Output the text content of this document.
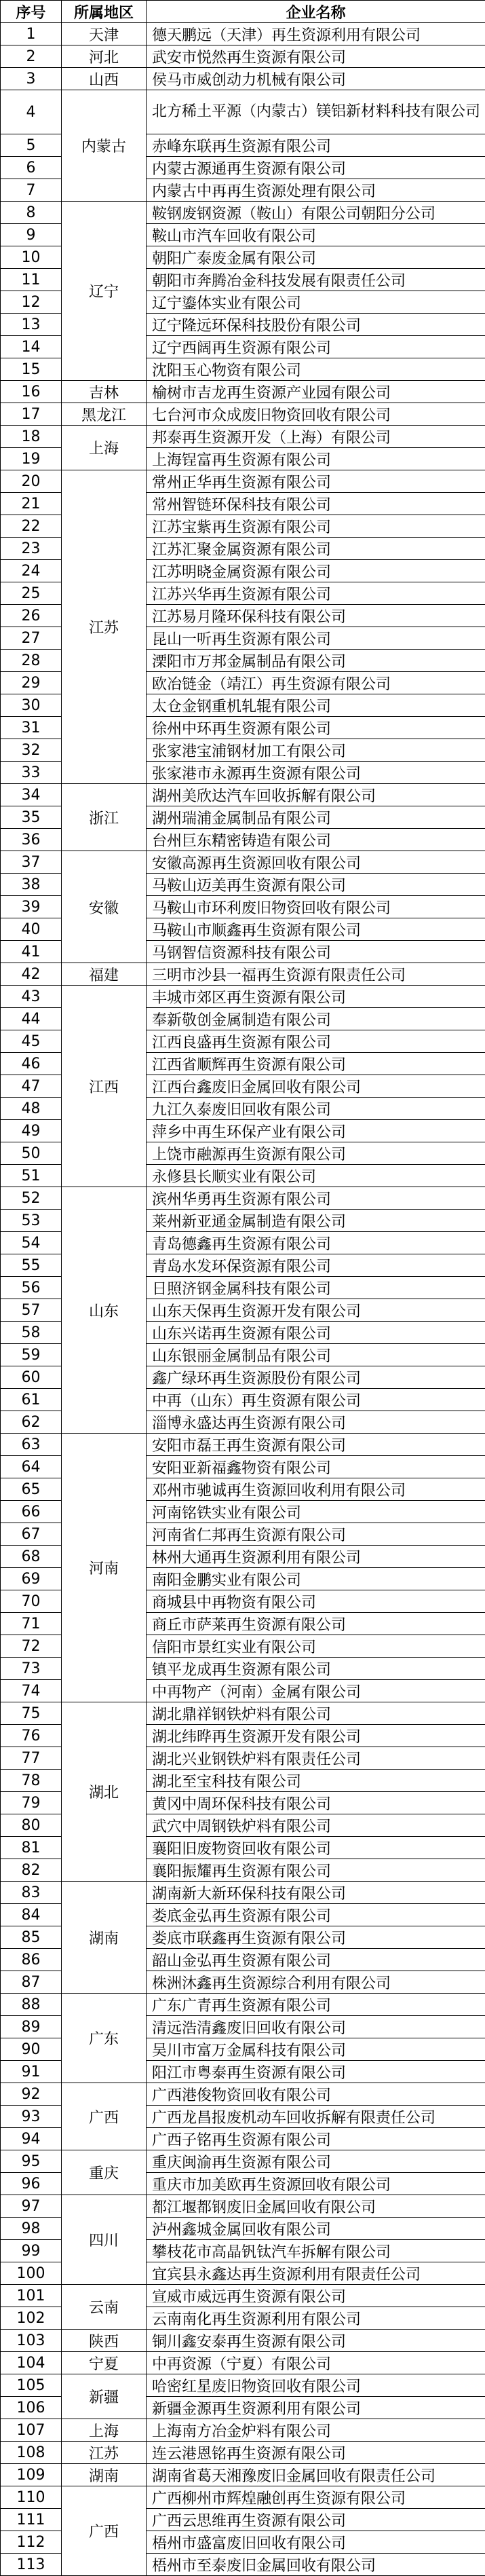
序号	所属地区	企业名称
1	天津	德天鹏远（天津）再生资源利用有限公司
2	河北	武安市悦然再生资源有限公司
3	山西	侯马市威创动力机械有限公司
4	内蒙古	北方稀土平源（内蒙古）镁铝新材料科技有限公司
5		赤峰东联再生资源有限公司
6		内蒙古源通再生资源有限公司
7		内蒙古中再再生资源处理有限公司
8	辽宁	鞍钢废钢资源（鞍山）有限公司朝阳分公司
9		鞍山市汽车回收有限公司
10		朝阳广泰废金属有限公司
11		朝阳市奔腾冶金科技发展有限责任公司
12		辽宁鎏体实业有限公司
13		辽宁隆远环保科技股份有限公司
14		辽宁西阔再生资源有限公司
15		沈阳玉心物资有限公司
16	吉林	榆树市吉龙再生资源产业园有限公司
17	黑龙江	七台河市众成废旧物资回收有限公司
18	上海	邦泰再生资源开发（上海）有限公司
19		上海锃富再生资源有限公司
20	江苏	常州正华再生资源有限公司
21		常州智链环保科技有限公司
22		江苏宝紫再生资源有限公司
23		江苏汇聚金属资源有限公司
24		江苏明晓金属资源有限公司
25		江苏兴华再生资源有限公司
26		江苏易月隆环保科技有限公司
27		昆山一听再生资源有限公司
28		溧阳市万邦金属制品有限公司
29		欧冶链金（靖江）再生资源有限公司
30		太仓金钢重机轧辊有限公司
31		徐州中环再生资源有限公司
32		张家港宝浦钢材加工有限公司
33		张家港市永源再生资源有限公司
34	浙江	湖州美欣达汽车回收拆解有限公司
35		湖州瑞浦金属制品有限公司
36		台州巨东精密铸造有限公司
37	安徽	安徽高源再生资源回收有限公司
38		马鞍山迈美再生资源有限公司
39		马鞍山市环利废旧物资回收有限公司
40		马鞍山市顺鑫再生资源有限公司
41		马钢智信资源科技有限公司
42	福建	三明市沙县一福再生资源有限责任公司
43	江西	丰城市郊区再生资源有限公司
44		奉新敬创金属制造有限公司
45		江西良盛再生资源有限公司
46		江西省顺辉再生资源有限公司
47		江西台鑫废旧金属回收有限公司
48		九江久泰废旧回收有限公司
49		萍乡中再生环保产业有限公司
50		上饶市融源再生资源有限公司
51		永修县长顺实业有限公司
52	山东	滨州华勇再生资源有限公司
53		莱州新亚通金属制造有限公司
54		青岛德鑫再生资源有限公司
55		青岛水发环保资源有限公司
56		日照济钢金属科技有限公司
57		山东天保再生资源开发有限公司
58		山东兴诺再生资源有限公司
59		山东银丽金属制品有限公司
60		鑫广绿环再生资源股份有限公司
61		中再（山东）再生资源有限公司
62		淄博永盛达再生资源有限公司
63	河南	安阳市磊王再生资源有限公司
64		安阳亚新福鑫物资有限公司
65		邓州市驰诚再生资源回收利用有限公司
66		河南铭铁实业有限公司
67		河南省仁邦再生资源有限公司
68		林州大通再生资源利用有限公司
69		南阳金鹏实业有限公司
70		商城县中再物资有限公司
71		商丘市萨莱再生资源有限公司
72		信阳市景红实业有限公司
73		镇平龙成再生资源有限公司
74		中再物产（河南）金属有限公司
75	湖北	湖北鼎祥钢铁炉料有限公司
76		湖北纬晔再生资源开发有限公司
77		湖北兴业钢铁炉料有限责任公司
78		湖北至宝科技有限公司
79		黄冈中周环保科技有限公司
80		武穴中周钢铁炉料有限公司
81		襄阳旧废物资回收有限公司
82		襄阳振耀再生资源有限公司
83	湖南	湖南新大新环保科技有限公司
84		娄底金弘再生资源有限公司
85		娄底市联鑫再生资源有限公司
86		韶山金弘再生资源有限公司
87		株洲沐鑫再生资源综合利用有限公司
88	广东	广东广青再生资源有限公司
89		清远浩清鑫废旧回收有限公司
90		吴川市富万金属科技有限公司
91		阳江市粤泰再生资源有限公司
92	广西	广西港俊物资回收有限公司
93		广西龙昌报废机动车回收拆解有限责任公司
94		广西子铭再生资源有限公司
95	重庆	重庆闽渝再生资源有限公司
96		重庆市加美欧再生资源回收有限公司
97	四川	都江堰都钢废旧金属回收有限公司
98		泸州鑫城金属回收有限公司
99		攀枝花市高晶钒钛汽车拆解有限公司
100		宜宾县永鑫达再生资源利用有限责任公司
101	云南	宣威市威远再生资源有限公司
102		云南南化再生资源利用有限公司
103	陕西	铜川鑫安泰再生资源有限公司
104	宁夏	中再资源（宁夏）有限公司
105	新疆	哈密红星废旧物资回收有限公司
106		新疆金源再生资源利用有限公司
107	上海	上海南方冶金炉料有限公司
108	江苏	连云港恩铭再生资源有限公司
109	湖南	湖南省葛天湘豫废旧金属回收有限责任公司
110	广西	广西柳州市辉煌融创再生资源有限公司
111		广西云思维再生资源有限公司
112		梧州市盛富废旧回收有限公司
113		梧州市至泰废旧金属回收有限公司
